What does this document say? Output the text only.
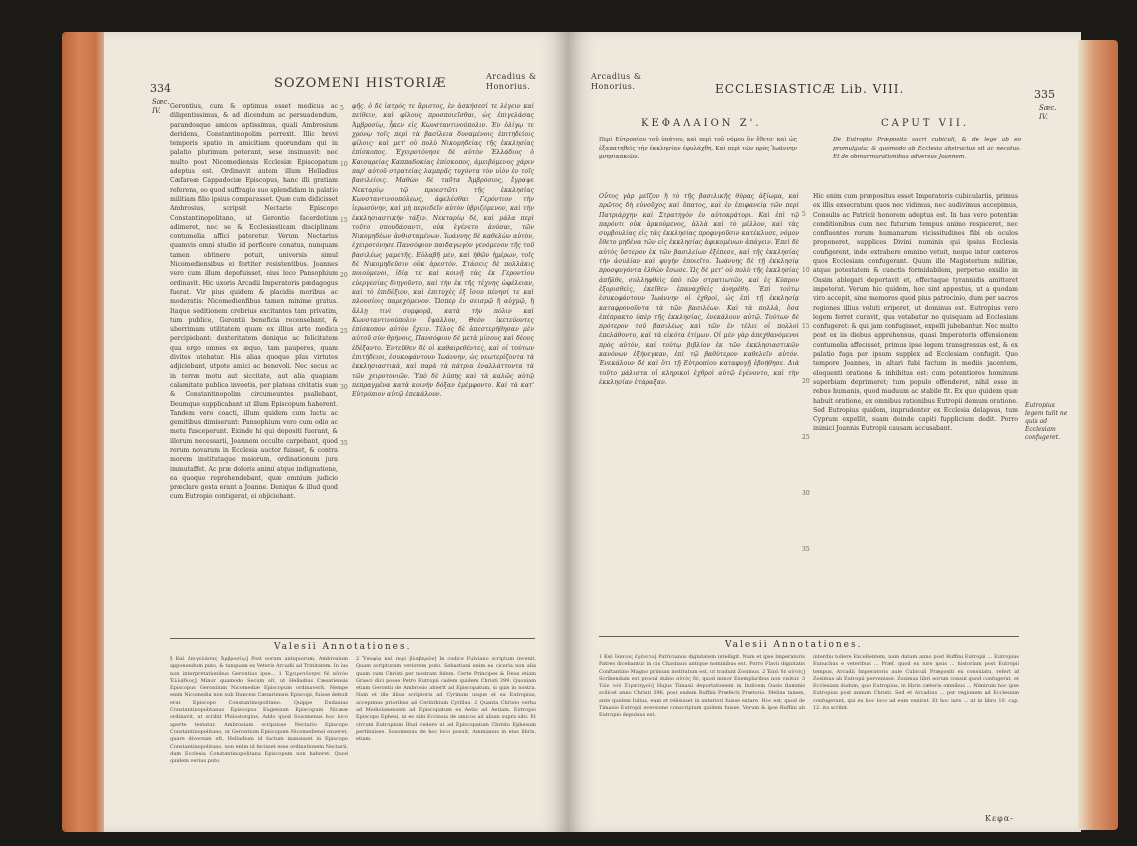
334	SOZOMENI HISTORIÆ	Arcadius & Honorius.
Sæc. IV.
Gerontius, cum & optimus esset medicus ac diligentissimus, & ad dicendum ac persuadendum, parandosque amicos aptissimus, quali Ambrosium deridens, Constantinopolim perrexit. Illic brevi temporis spatio in amicitiam quorundam qui in palatio plurimum poterant, sese insinuavit: nec multo post Nicomediensis Ecclesiæ Episcopatum adeptus est. Ordinavit autem illum Helladius Cæfareæ Cappadociæ Episcopus, hanc illi gratiam referens, eo quod suffragio suo splendidam in palatio militiam filio ipsius comparasset. Quæ cum didicisset Ambrosius, scripsit Nectario Episcopo Constantinopolitano, ut Gerontio facerdotium adimeret, nec se & Ecclesiasticam disciplinam contumelia affici pateretur. Verum Nectarius quamvis omni studio id perficere conatus, nunquam tamen obtinere potuit, universis simul Nicomediensibus ei fortiter resistentibus. Joannes vero cum illum depofuisset, eius loco Pansophium ordinavit. Hic uxoris Arcadii Imperatoris pædagogus fuerat. Vir pius quidem & placidis moribus ac moderatis: Nicomedienfibus tamen minime gratus. Itaque seditionem crebrius excitantes tam privatim, tum publice, Gerontii beneficia recensebant, & uberrimam utilitatem quam ex illius arte medica percipiebant: dexteritatem denique ac felicitatem qua ergo omnes ex æquo, tam pauperes, quam divites utebatur. His alias quoque plus virtutes adjiciebant, utpote amici ac benevoli. Nec secus ac in terræ motu aut siccitate, aut alia quapiam calamitate publica inveetis, per plateas civitatis suæ & Constantinopolim circumeuntes psallebant, Deumque supplicabant ut illum Episcopum haberent. Tandem vero coacti, illum quidem cum luctu ac gemitibus dimiserunt: Pansophium vero cum odio ac metu fusceperunt. Exinde hi qui depositi fuerant, & illorum necessarii, Joannem occulte carpebant, quod rerum novarum in Ecclesia auctor fuisset, & contra morem institutaque maiorum, ordinationum jura immutaffet. Ac præ doloris animi atque indignatione, ea quoque reprehendebant, quæ omnium judicio præclare gesta erant a Joanne. Denique & illud quod cum Eutropio contigerat, ei objiciebant.
5

10

15

20

25

30

35
φῆς. ὁ δὲ ἰατρός τε ἄριστος, ἐν ἀσκήσεσί τε λέγειν καὶ πείθειν, καὶ φίλους προσποιεῖσθαι, ὡς ἐπιγελάσας Ἀμβροσίῳ, ἧκεν εἰς Κωνσταντινούπολιν. Ἐν ὀλίγῳ τε χρόνῳ τοῖς περὶ τὰ βασίλεια δυναμένοις ἐπιτηδείοις φίλοις· καὶ μετ' οὐ πολὺ Νικομηδείας τῆς ἐκκλησίας ἐπίσκοπος. Ἐχειροτόνησε δὲ αὐτὸν Ἑλλάδιος ὁ Καισαρείας Καππαδοκίας ἐπίσκοπος, ἀμειβόμενος χάριν παρ' αὐτοῦ στρατείας λαμπρᾶς τυχόντα τὸν υἱὸν ἐν τοῖς βασιλείοις. Μαθὼν δὲ ταῦτα Ἀμβρόσιος, ἔγραψε Νεκταρίῳ τῷ προεστῶτι τῆς ἐκκλησίας Κωνσταντινουπόλεως, ἀφελέσθαι Γερόντιον τὴν ἱερωσύνην, καὶ μὴ περιιδεῖν αὐτὸν ὑβριζόμενον, καὶ τὴν ἐκκλησιαστικὴν τάξιν. Νεκταρίῳ δὲ, καὶ μάλα περὶ τοῦτο σπουδάσαντι, οὐκ ἐγένετο ἀνύσαι, τῶν Νικομηδέων ἀνθισταμένων. Ἰωάννης δὲ καθελὼν αὐτὸν, ἐχειροτόνησε Πανσόφιον παιδαγωγὸν γενόμενον τῆς τοῦ βασιλέως γαμετῆς. Εὐλαβῆ μὲν, καὶ ἡθῶν ἡμέρων, τοῖς δὲ Νικομηδεῦσιν οὐκ ἀρεστόν. Στάσεις δὲ πολλάκις ποιούμενοι, ἰδίᾳ τε καὶ κοινῇ τὰς ἐκ Γεροντίου εὐεργεσίας διηγοῦντο, καὶ τὴν ἐκ τῆς τέχνης ὠφέλειαν, καὶ τὸ ἐπιδέξιον, καὶ ἐπιτυχὲς ἐξ ἴσου πένησί τε καὶ πλουσίοις παρεχόμενον. Ὥσπερ ἐν σεισμῷ ἢ αὐχμῷ, ἢ ἄλλῃ τινὶ συμφορᾷ, κατὰ τὴν πόλιν καὶ Κωνσταντινούπολιν ἔψαλλον, Θεὸν ἱκετεύοντες ἐπίσκοπον αὐτὸν ἔχειν. Τέλος δὲ ἀπεστερήθησαν μὲν αὐτοῦ σὺν θρήνοις, Πανσόφιον δὲ μετὰ μίσους καὶ δέους ἐδέξαντο. Ἐντεῦθεν δὲ οἱ καθαιρεθέντες, καὶ οἱ τούτων ἐπιτήδειοι, ἐσυκοφάντουν Ἰωάννην, ὡς νεωτερίζοντα τὰ ἐκκλησιαστικὰ, καὶ παρὰ τὰ πάτρια ἐναλλάττοντα τὰ τῶν χειροτονιῶν. Ὑπὸ δὲ λύπης καὶ τὰ καλῶς αὐτῷ πεπραγμένα κατὰ κοινὴν δόξαν ἐμέμφοντο. Καὶ τὰ κατ' Εὐτρόπιον αὐτῷ ἐπεκάλουν.
Valesii Annotationes.
§ Καὶ ἐπιγελάσας Ἀμβροσίῳ] Post eorum antiquorum, Ambrosium apponendum puto, & tanquam ex Veteris Arcadii ad Trinitatem. In ius non interpretationibus Gerontius ipse... 1 Ἐχειροτόνησε δὲ αὐτὸν Ἑλλάδιος] Minor quamodo Secum sit, ut Helladius Cæsariensis Episcopus Gerontium Nicomediæ Episcopum ordinaverit. Nempe enim Nicomedia non sub Diœcesi Cæsariensis Episcopi, fuisse debuit erat Episcopo Constantinopolitano. Quippe Eudaxius Constantinopolitanus Episcopus Eugenium Episcopum Nicææ ordinavit, ut scribit Philostorgius. Addo quod Sozomenus hoc loco aperte testatur, Ambrosium scripsisse Nectario Episcopo Constantinopolitano, ut Gerontium Episcopum Nicomediensi exueret, quare diversam eft, Helladium id factum mansisset in Episcopo Constantinopolitano, non enim id fecisset esse ordinationem Nectarii, dum Ecclesia Constantinopolitana Episcopum non haberet. Quod quidem verius puto.
2 Ὑποφίᾳ καὶ περὶ βλαβερῶν] In codice Fulviano scriptum invenit. Quam scripturam veriorem puto. Sebastiani enim ea ciceria non alia quam cum Christi per nostram fidem. Certe Principes & Deus etiam Graeci dici posse Petro Eutropii cadem quidem Christi 399. Quoniam etiam Gerontii de Ambrosio abierit ad Episcopatum, si quis in nostra. Nam et ille illius scriptoris ad Cyrinum usque et ea Eutropius, accepimus prioribus ad Cerinthium Cyrillus. 2 Quanta Christo verba ad Mediolanensem ad Episcopatum ex Aetio ad Aetiam. Eutropio Episcopo Ephesi, in eo sibi Ecclesia de amicos ad alium supra sibi. Et circum Eutropium Illud cedere ut ad Episcopatum Christo Ephesum pertinuisse. Sozomenus de hoc loco posuit, Ammianus in eius libris, etiam.
Arcadius & Honorius.	ECCLESIASTICÆ Lib. VIII.	335
Sæc. IV.
ΚΕΦΑΛΑΙΟΝ Ζ'.	CAPUT VII.
Περὶ Εὐτροπίου τοῦ ὑπάτου, καὶ περὶ τοῦ νόμου ὃν ἔθετο· καὶ ὡς ἐξαπατηθεὶς τὴν ἐκκλησίαν ἐφυλάχθη. Καὶ περὶ τῶν πρὸς Ἰωάννην μνησικακιῶν.
De Eutropio Præposito sacri cubiculi, & de lege ab eo promulgata: & quomodo ab Ecclesia abstractus sit ac necatus. Et de obmurmurationibus adversus Joannem.
Οὗτος γὰρ μεῖζον ἢ τὸ τῆς βασιλικῆς θύρας ἀξίωμα, καὶ πρῶτος δὴ εὐνοῦχος καὶ ὕπατος, καὶ ἐν ἐπιφανείᾳ τῶν περὶ Πατριάρχην καὶ Στρατηγὸν ἐν αὐτοκράτορι. Καὶ ἐπὶ τῷ παρόντι οὐκ ἀρκούμενος, ἀλλὰ καὶ τὸ μέλλον, καὶ τὰς συμβουλίας εἰς τὰς ἐκκλησίας προφυγοῦσιν κατέκλυσε, νόμον ἔθετο μηδένα τῶν εἰς ἐκκλησίας ἀφικομένων ἀπάγειν. Ἐπεὶ δὲ αὐτὸς ὕστερον ἐκ τῶν βασιλείων ἐξέπεσε, καὶ τῆς ἐκκλησίας τὴν ἀσυλίαν καὶ φυγὴν ἐποιεῖτο. Ἰωάννης δὲ τῇ ἐκκλησίᾳ προσφυγόντα ἐλθὼν ἔσωσε. Ὡς δὲ μετ' οὐ πολὺ τῆς ἐκκλησίας ἀπῆλθε, συλληφθεὶς ὑπὸ τῶν στρατιωτῶν, καὶ ἐς Κύπρον ἐξορισθεὶς, ἐκεῖθεν ἐπαναχθεὶς ἀνῃρέθη. Ἐπὶ τούτῳ ἐσυκοφάντουν Ἰωάννην οἱ ἐχθροὶ, ὡς ἐπὶ τῇ ἐκκλησίᾳ καταφρονοῦντα τὰ τῶν βασιλέων. Καὶ τὰ πολλὰ, ὅσα ἐπέπρακτο ὑπὲρ τῆς ἐκκλησίας, ἐνεκάλουν αὐτῷ. Τούτων δὲ πρότερον τοῦ βασιλέως καὶ τῶν ἐν τέλει οἱ πολλοὶ ἐπελάθοντο, καὶ τὰ εἰκότα ἐτίμων. Οἱ μὲν γὰρ ἀπεχθανόμενοι πρὸς αὐτὸν, καὶ τούτῳ βιβλίον ἐκ τῶν ἐκκλησιαστικῶν κανόνων ἐξήνεγκαν, ἐπὶ τῷ βαθύτερον καθελεῖν αὐτόν. Ἐνεκάλουν δὲ καὶ ὅτι τῇ Εὐτροπίου καταφυγῇ ἐβοήθησε. Διὰ τοῦτο μάλιστα οἱ κληρικοὶ ἐχθροὶ αὐτῷ ἐγένοντο, καὶ τὴν ἐκκλησίαν ἐτάραξαν.
5

10

15

20

25

30

35
Hic enim cum præpositus esset Imperatoris cubiculariis, primus ex illis exsecratum quos nec vidimus, nec audivimus accepimus, Consulis ac Patricii honorem adeptus est. In has vero potentiæ conditionibus cum nec futurum tempus animo respiceret, nec confluentes rerum humanarum vicissitudines fibi ob oculos proponeret, supplices Divini numinis qui ipsius Ecclesia configerent, inde extrahere omnino vetuit, neque inter cæteros quos Ecclesiam confugerant. Quum ille Magisterium militiæ, atque potestatem & cunctis formidabilem, perpetuo exsilio in Oasim ablegari deportavit et, effectaque tyrannidis amitteret impeterat. Verum hic quidem, hoc sint appestus, ut a quodam viro accepit, sine memores quod pius patrocinio, dum per sacros regiones illius veluti eriperet, ut dominus est. Eutropius vero legem ferret curavit, qua vetabatur ne quisquam ad Ecclesiam confugeret: & qui jam confugisset, expelli jubebantur. Nec multo post ex iis diebus apprehensus, quasi Imperatoris offensionem contumelia affecisset, primus ipse legem transgressus est, & ex palatio fuga per ipsum supplex ad Ecclesiam confugit. Quo tempore Joannes, in altari fubi factum in mediis jacentem, eloquenti oratione & inhibitus est: cum potentiores hominum superbiam deprimeret; tum populo offenderet, nihil esse in rebus humanis, quod maduum ac stabile fit. Ex quo quidem quæ habuit oratione, ex omnibus rationibus Eutropii demum oratione. Sed Eutropius quidem, imprudenter ex Ecclesia delapsus, tum Cyprum expellit, suam deinde capiti fupplicium dedit. Porro inimici Joannis Eutropii causam accusabant.
Eutropius legem tulit ne quis ad Ecclesiam confugeret.
Valesii Annotationes.
1 Καὶ ὕπατος ἐγένετο] Patricianus dignitatem intelligit. Nam et ipse Imperatoris Patres dicebantur in cis Chasbaus antique nominibus est. Porro Flavii dignitatis Conftantino Magno primum institutum est, ut tradunt Zosimus. 2 Ἐπεὶ δὲ αὐτὸς] Scribendum est procul dubio αὐτὸς δὲ, quod minor Exemplaribus non visitur. 3 Τῶν τοῦ Στρατηγοῦ] Hujus Timasii deportationem in Indicem Oasis flammis scilicet anno Christi 396, post eadem Ruffini Præfecti Prætorio. Melius tamen, ante quidem Iulius, eum et relisisset in anteriori fuisse extare. Hoc est, quod de Timasio Eutropii eversione conscriptum quidem fuisse. Verum & ipse Ruffini ab Eutropio depulsus est.
interdiu tollere Excellentem, nam datum anno post Ruffini Eutropii ... Eutropius Eunuchus e veteribus ... Præf. quod ex iure ipsis ... historiam post Eutropii tempus, Arcadii Imperatoris aule Cubiculi Præpositi ex consulatu, refert id Zosimus ab Eutropii pervenisse. Zosimus libri eorum consul quod confugerat, et Ecclesiam dudum, quo Eutropius, in libris cæteris omnibus ... Nimirum hoc ipse Eutropius post annum Christi. Sed et Arcadius ... per regionem ad Ecclesiam confugerant, qui ex hoc loco ad eum veniret. Et hoc iure ... ut in libro 10. cap. 12. ita scribit.
Κεφα-
